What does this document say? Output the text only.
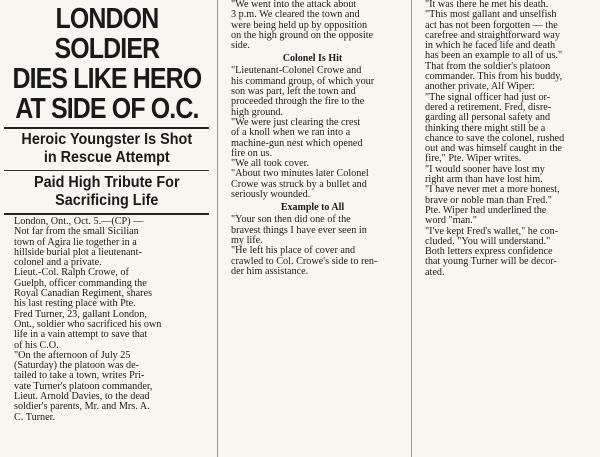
LONDON SOLDIER
DIES LIKE HERO
AT SIDE OF O.C.
Heroic Youngster Is Shot
in Rescue Attempt
Paid High Tribute For
Sacrificing Life

London, Ont., Oct. 5.—(CP) —
Not far from the small Sicilian
town of Agira lie together in a
hillside burial plot a lieutenant-
colonel and a private.

Lieut.-Col. Ralph Crowe, of
Guelph, officer commanding the
Royal Canadian Regiment, shares
his last resting place with Pte.
Fred Turner, 23, gallant London,
Ont., soldier who sacrificed his own
life in a vain attempt to save that
of his C.O.

"On the afternoon of July 25
(Saturday) the platoon was de-
tailed to take a town, writes Pri-
vate Turner's platoon commander,
Lieut. Arnold Davies, to the dead
soldier's parents, Mr. and Mrs. A.
C. Turner.

"We went into the attack about
3 p.m. We cleared the town and
were being held up by opposition
on the high ground on the opposite
side.

Colonel Is Hit

"Lieutenant-Colonel Crowe and
his command group, of which your
son was part, left the town and
proceeded through the fire to the
high ground.

"We were just clearing the crest
of a knoll when we ran into a
machine-gun nest which opened
fire on us.

"We all took cover.

"About two minutes later Colonel
Crowe was struck by a bullet and
seriously wounded.

Example to All

"Your son then did one of the
bravest things I have ever seen in
my life.

"He left his place of cover and
crawled to Col. Crowe's side to ren-
der him assistance.

"It was there he met his death.
"This most gallant and unselfish
act has not been forgotten — the
carefree and straightforward way
in which he faced life and death
has been an example to all of us."

That from the soldier's platoon
commander. This from his buddy,
another private, Alf Wiper:

"The signal officer had just or-
dered a retirement. Fred, disre-
garding all personal safety and
thinking there might still be a
chance to save the colonel, rushed
out and was himself caught in the
fire," Pte. Wiper writes.

"I would sooner have lost my
right arm than have lost him.

"I have never met a more honest,
brave or noble man than Fred."
Pte. Wiper had underlined the
word "man."

"I've kept Fred's wallet," he con-
cluded. "You will understand."

Both letters express confidence
that young Turner will be decor-
ated.
